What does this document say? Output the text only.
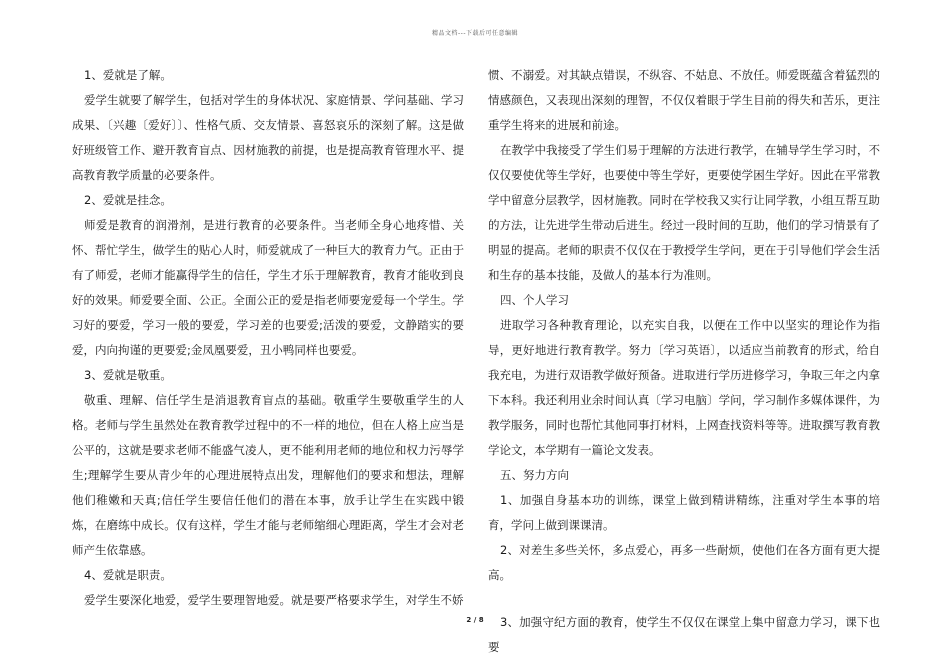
精品文档---下载后可任意编辑

1、爱就是了解。

爱学生就要了解学生，包括对学生的身体状况、家庭情景、学问基础、学习成果、〔兴趣〔爱好〕〕、性格气质、交友情景、喜怒哀乐的深刻了解。这是做好班级管工作、避开教育盲点、因材施教的前提，也是提高教育管理水平、提高教育教学质量的必要条件。

2、爱就是挂念。

师爱是教育的润滑剂，是进行教育的必要条件。当老师全身心地疼惜、关怀、帮忙学生，做学生的贴心人时，师爱就成了一种巨大的教育力气。正由于有了师爱，老师才能赢得学生的信任，学生才乐于理解教育，教育才能收到良好的效果。师爱要全面、公正。全面公正的爱是指老师要宠爱每一个学生。学习好的要爱，学习一般的要爱，学习差的也要爱;活泼的要爱，文静踏实的要爱，内向拘谨的更要爱;金凤凰要爱，丑小鸭同样也要爱。

3、爱就是敬重。

敬重、理解、信任学生是消退教育盲点的基础。敬重学生要敬重学生的人格。老师与学生虽然处在教育教学过程中的不一样的地位，但在人格上应当是公平的，这就是要求老师不能盛气凌人，更不能利用老师的地位和权力污辱学生;理解学生要从青少年的心理进展特点出发，理解他们的要求和想法，理解他们稚嫩和天真;信任学生要信任他们的潜在本事，放手让学生在实践中锻炼，在磨练中成长。仅有这样，学生才能与老师缩细心理距离，学生才会对老师产生依靠感。

4、爱就是职责。

爱学生要深化地爱，爱学生要理智地爱。就是要严格要求学生，对学生不娇

惯、不溺爱。对其缺点错误，不纵容、不姑息、不放任。师爱既蕴含着猛烈的情感颜色，又表现出深刻的理智，不仅仅着眼于学生目前的得失和苦乐，更注重学生将来的进展和前途。

在教学中我接受了学生们易于理解的方法进行教学，在辅导学生学习时，不仅仅要使优等生学好，也要使中等生学好，更要使学困生学好。因此在平常教学中留意分层教学，因材施教。同时在学校我又实行让同学教，小组互帮互助的方法，让先进学生带动后进生。经过一段时间的互助，他们的学习情景有了明显的提高。老师的职责不仅仅在于教授学生学问，更在于引导他们学会生活和生存的基本技能，及做人的基本行为准则。

四、个人学习

进取学习各种教育理论，以充实自我，以便在工作中以坚实的理论作为指导，更好地进行教育教学。努力〔学习英语〕，以适应当前教育的形式，给自我充电，为进行双语教学做好预备。进取进行学历进修学习，争取三年之内拿下本科。我还利用业余时间认真〔学习电脑〕学问，学习制作多媒体课件，为教学服务，同时也帮忙其他同事打材料，上网查找资料等等。进取撰写教育教学论文，本学期有一篇论文发表。

五、努力方向

1、加强自身基本功的训练，课堂上做到精讲精练，注重对学生本事的培育，学问上做到课课清。

2、对差生多些关怀，多点爱心，再多一些耐烦，使他们在各方面有更大提高。

3、加强守纪方面的教育，使学生不仅仅在课堂上集中留意力学习，课下也要

2 / 8
